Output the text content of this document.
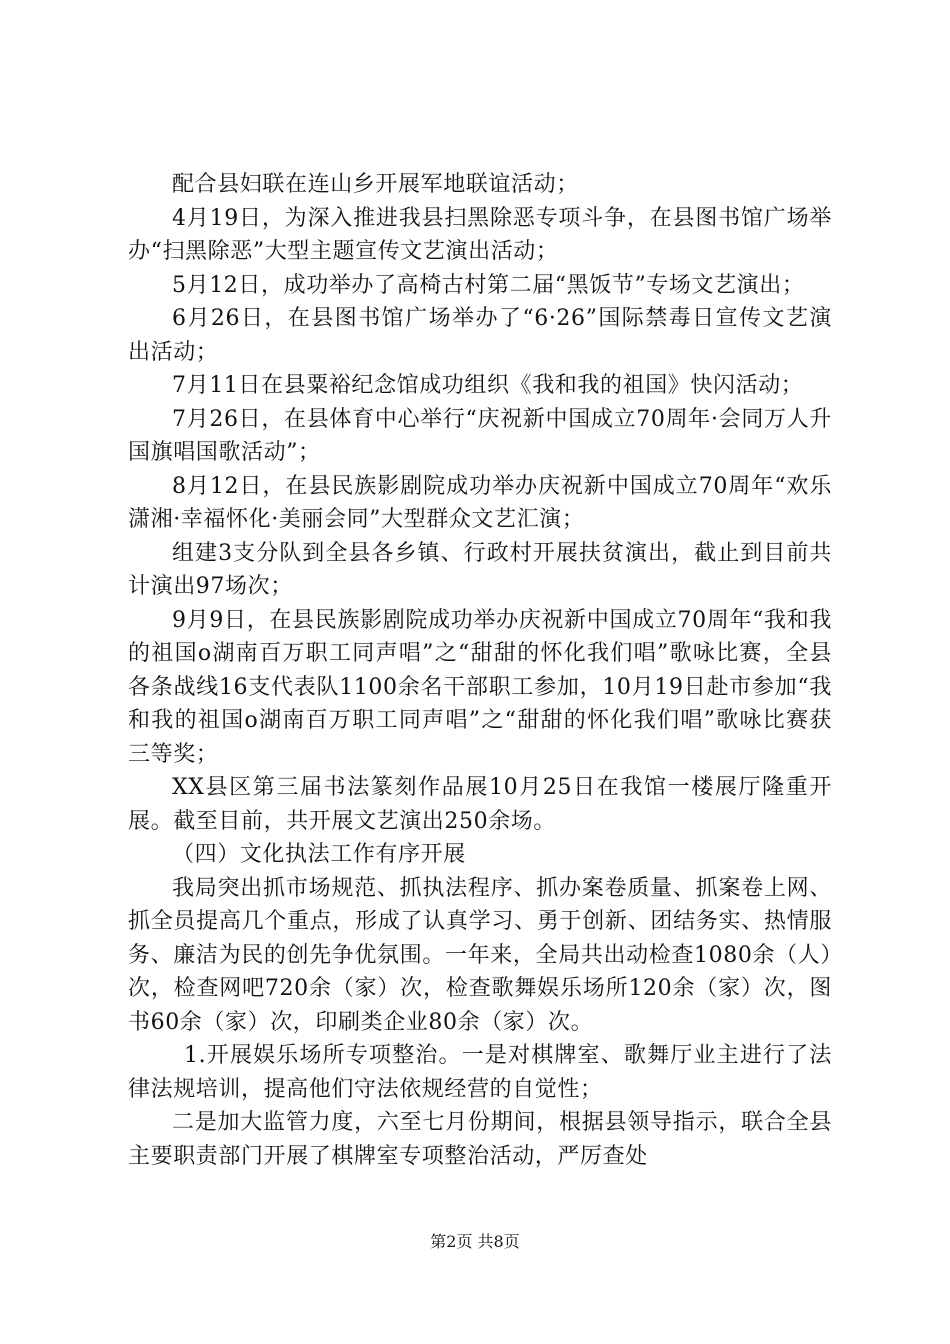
配合县妇联在连山乡开展军地联谊活动；

4月19日，为深入推进我县扫黑除恶专项斗争，在县图书馆广场举办“扫黑除恶”大型主题宣传文艺演出活动；

5月12日，成功举办了高椅古村第二届“黑饭节”专场文艺演出；

6月26日，在县图书馆广场举办了“6·26”国际禁毒日宣传文艺演出活动；

7月11日在县粟裕纪念馆成功组织《我和我的祖国》快闪活动；

7月26日，在县体育中心举行“庆祝新中国成立70周年·会同万人升国旗唱国歌活动”；

8月12日，在县民族影剧院成功举办庆祝新中国成立70周年“欢乐潇湘·幸福怀化·美丽会同”大型群众文艺汇演；

组建3支分队到全县各乡镇、行政村开展扶贫演出，截止到目前共计演出97场次；

9月9日，在县民族影剧院成功举办庆祝新中国成立70周年“我和我的祖国o湖南百万职工同声唱”之“甜甜的怀化我们唱”歌咏比赛，全县各条战线16支代表队1100余名干部职工参加，10月19日赴市参加“我和我的祖国o湖南百万职工同声唱”之“甜甜的怀化我们唱”歌咏比赛获三等奖；

XX县区第三届书法篆刻作品展10月25日在我馆一楼展厅隆重开展。截至目前，共开展文艺演出250余场。

（四）文化执法工作有序开展

我局突出抓市场规范、抓执法程序、抓办案卷质量、抓案卷上网、抓全员提高几个重点，形成了认真学习、勇于创新、团结务实、热情服务、廉洁为民的创先争优氛围。一年来，全局共出动检查1080余（人）次，检查网吧720余（家）次，检查歌舞娱乐场所120余（家）次，图书60余（家）次，印刷类企业80余（家）次。

1.开展娱乐场所专项整治。一是对棋牌室、歌舞厅业主进行了法律法规培训，提高他们守法依规经营的自觉性；

二是加大监管力度，六至七月份期间，根据县领导指示，联合全县主要职责部门开展了棋牌室专项整治活动，严厉查处

第2页 共8页
